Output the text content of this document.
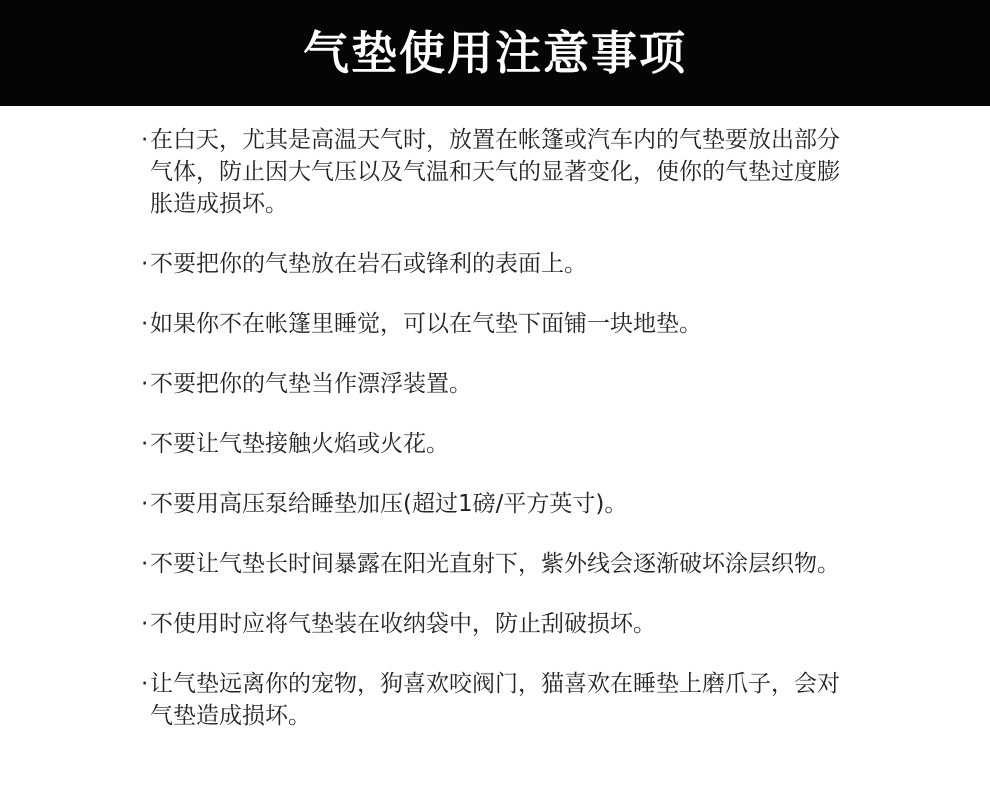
气垫使用注意事项
· 在白天，尤其是高温天气时，放置在帐篷或汽车内的气垫要放出部分气体，防止因大气压以及气温和天气的显著变化，使你的气垫过度膨胀造成损坏。
· 不要把你的气垫放在岩石或锋利的表面上。
· 如果你不在帐篷里睡觉，可以在气垫下面铺一块地垫。
· 不要把你的气垫当作漂浮装置。
· 不要让气垫接触火焰或火花。
· 不要用高压泵给睡垫加压(超过1磅/平方英寸)。
· 不要让气垫长时间暴露在阳光直射下，紫外线会逐渐破坏涂层织物。
· 不使用时应将气垫装在收纳袋中，防止刮破损坏。
· 让气垫远离你的宠物，狗喜欢咬阀门，猫喜欢在睡垫上磨爪子，会对气垫造成损坏。
